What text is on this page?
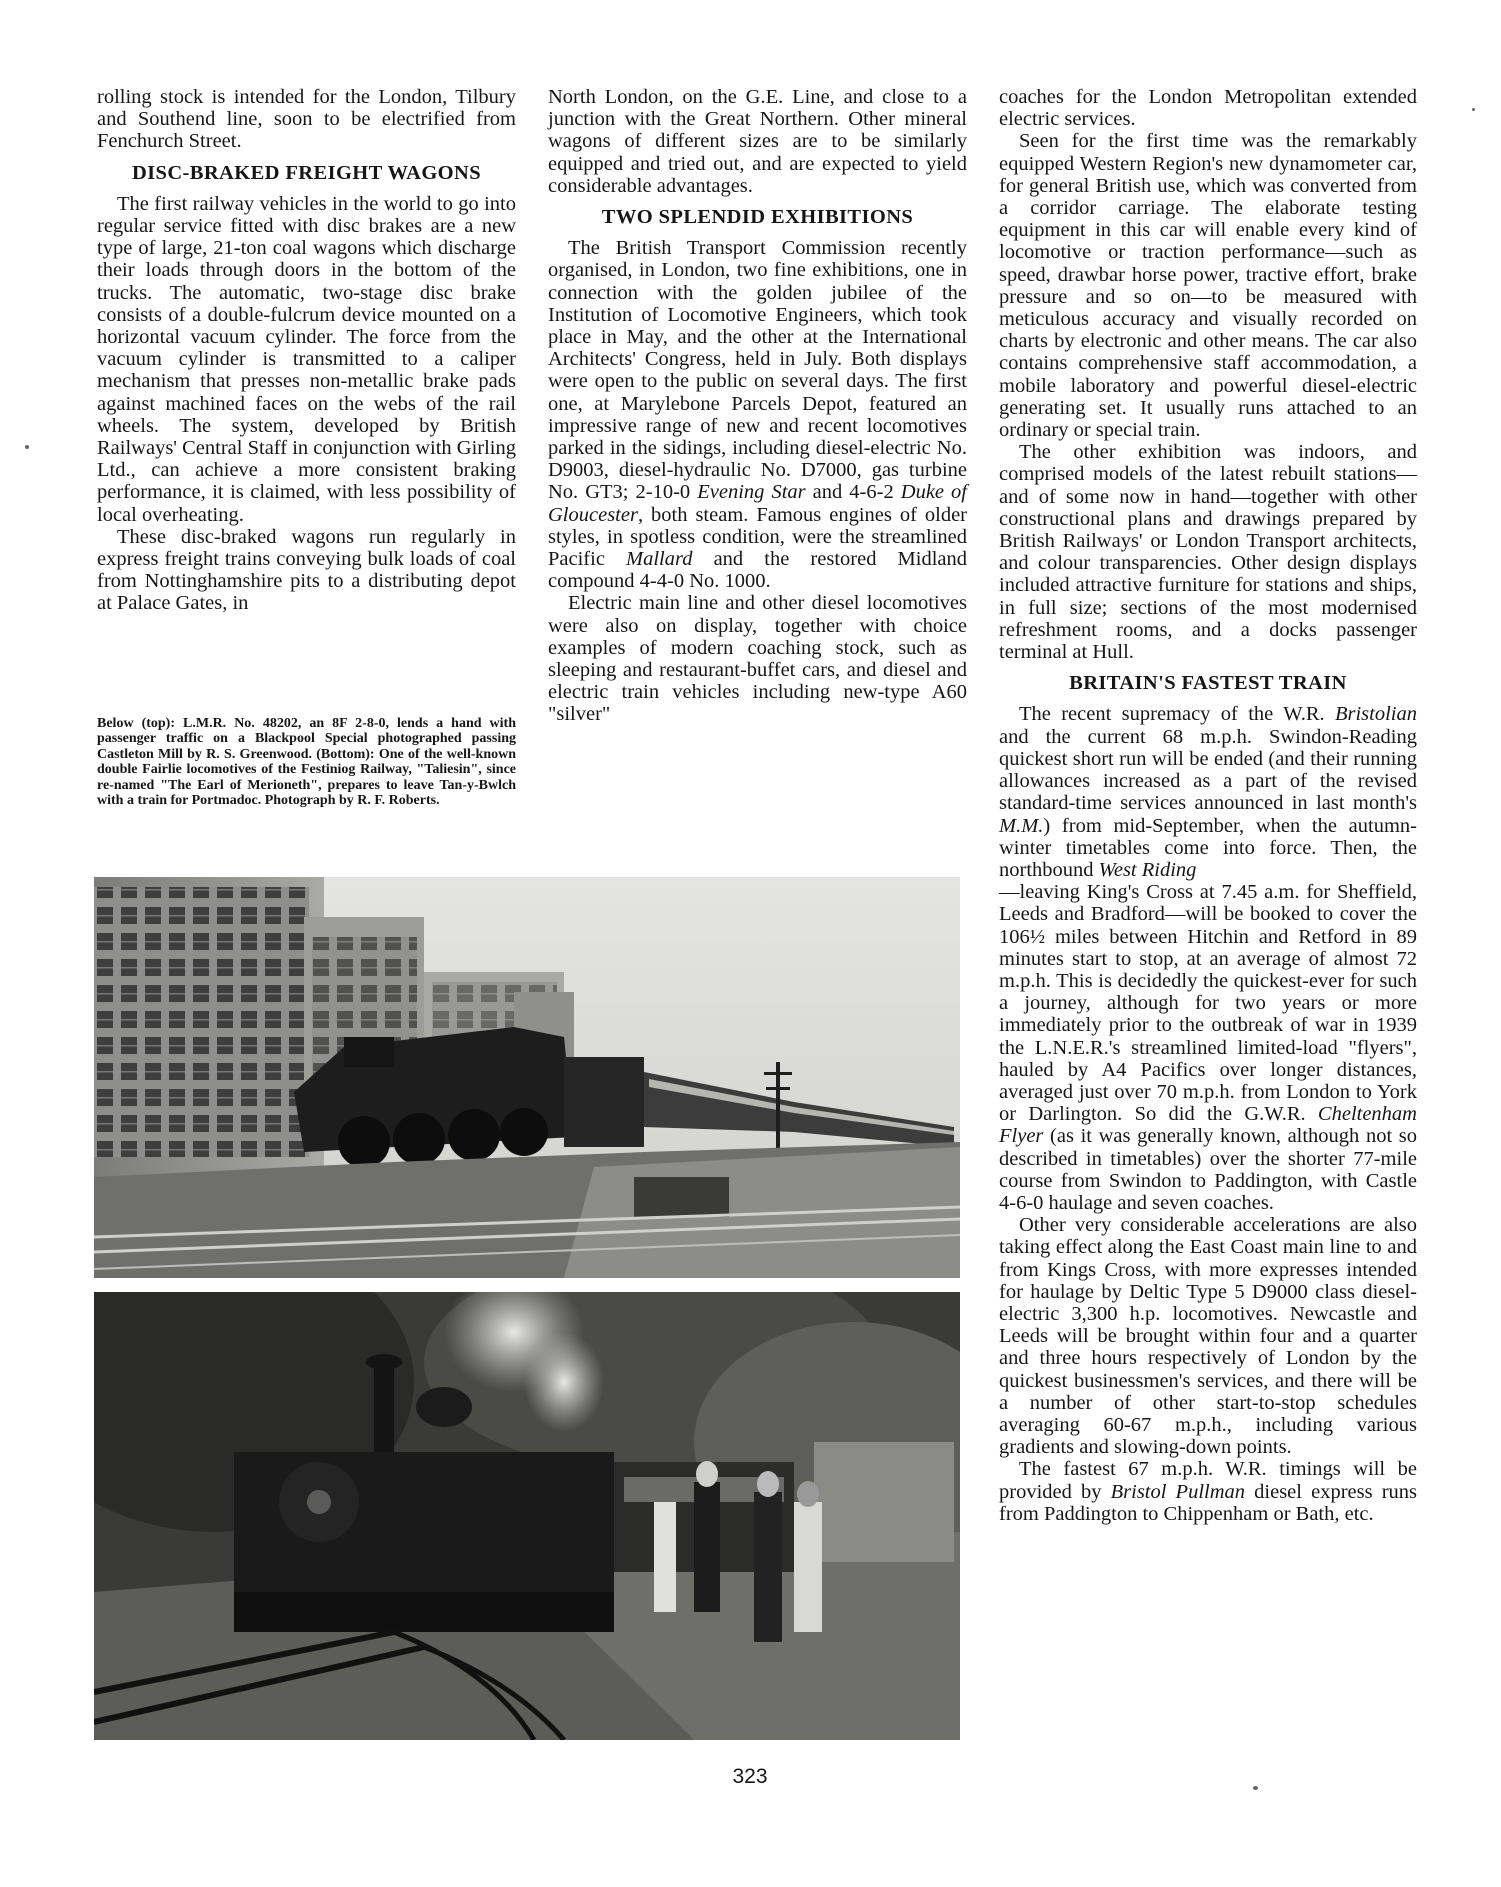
rolling stock is intended for the London, Tilbury and Southend line, soon to be electrified from Fenchurch Street.

DISC-BRAKED FREIGHT WAGONS

The first railway vehicles in the world to go into regular service fitted with disc brakes are a new type of large, 21-ton coal wagons which discharge their loads through doors in the bottom of the trucks. The automatic, two-stage disc brake consists of a double-fulcrum device mounted on a horizontal vacuum cylinder. The force from the vacuum cylinder is transmitted to a caliper mechanism that presses non-metallic brake pads against machined faces on the webs of the rail wheels. The system, developed by British Railways' Central Staff in conjunction with Girling Ltd., can achieve a more consistent braking performance, it is claimed, with less possibility of local overheating.

These disc-braked wagons run regularly in express freight trains conveying bulk loads of coal from Nottinghamshire pits to a distributing depot at Palace Gates, in

Below (top): L.M.R. No. 48202, an 8F 2-8-0, lends a hand with passenger traffic on a Blackpool Special photographed passing Castleton Mill by R. S. Greenwood. (Bottom): One of the well-known double Fairlie locomotives of the Festiniog Railway, "Taliesin", since re-named "The Earl of Merioneth", prepares to leave Tan-y-Bwlch with a train for Portmadoc. Photograph by R. F. Roberts.

North London, on the G.E. Line, and close to a junction with the Great Northern. Other mineral wagons of different sizes are to be similarly equipped and tried out, and are expected to yield considerable advantages.

TWO SPLENDID EXHIBITIONS

The British Transport Commission recently organised, in London, two fine exhibitions, one in connection with the golden jubilee of the Institution of Locomotive Engineers, which took place in May, and the other at the International Architects' Congress, held in July. Both displays were open to the public on several days. The first one, at Marylebone Parcels Depot, featured an impressive range of new and recent locomotives parked in the sidings, including diesel-electric No. D9003, diesel-hydraulic No. D7000, gas turbine No. GT3; 2-10-0 Evening Star and 4-6-2 Duke of Gloucester, both steam. Famous engines of older styles, in spotless condition, were the streamlined Pacific Mallard and the restored Midland compound 4-4-0 No. 1000.

Electric main line and other diesel locomotives were also on display, together with choice examples of modern coaching stock, such as sleeping and restaurant-buffet cars, and diesel and electric train vehicles including new-type A60 "silver"

coaches for the London Metropolitan extended electric services.

Seen for the first time was the remarkably equipped Western Region's new dynamometer car, for general British use, which was converted from a corridor carriage. The elaborate testing equipment in this car will enable every kind of locomotive or traction performance—such as speed, drawbar horse power, tractive effort, brake pressure and so on—to be measured with meticulous accuracy and visually recorded on charts by electronic and other means. The car also contains comprehensive staff accommodation, a mobile laboratory and powerful diesel-electric generating set. It usually runs attached to an ordinary or special train.

The other exhibition was indoors, and comprised models of the latest rebuilt stations—and of some now in hand—together with other constructional plans and drawings prepared by British Railways' or London Transport architects, and colour transparencies. Other design displays included attractive furniture for stations and ships, in full size; sections of the most modernised refreshment rooms, and a docks passenger terminal at Hull.

BRITAIN'S FASTEST TRAIN

The recent supremacy of the W.R. Bristolian and the current 68 m.p.h. Swindon-Reading quickest short run will be ended (and their running allowances increased as a part of the revised standard-time services announced in last month's M.M.) from mid-September, when the autumn-winter timetables come into force. Then, the northbound West Riding
—leaving King's Cross at 7.45 a.m. for Sheffield, Leeds and Bradford—will be booked to cover the 106½ miles between Hitchin and Retford in 89 minutes start to stop, at an average of almost 72 m.p.h. This is decidedly the quickest-ever for such a journey, although for two years or more immediately prior to the outbreak of war in 1939 the L.N.E.R.'s streamlined limited-load "flyers", hauled by A4 Pacifics over longer distances, averaged just over 70 m.p.h. from London to York or Darlington. So did the G.W.R. Cheltenham Flyer (as it was generally known, although not so described in timetables) over the shorter 77-mile course from Swindon to Paddington, with Castle 4-6-0 haulage and seven coaches.

Other very considerable accelerations are also taking effect along the East Coast main line to and from Kings Cross, with more expresses intended for haulage by Deltic Type 5 D9000 class diesel-electric 3,300 h.p. locomotives. Newcastle and Leeds will be brought within four and a quarter and three hours respectively of London by the quickest businessmen's services, and there will be a number of other start-to-stop schedules averaging 60-67 m.p.h., including various gradients and slowing-down points.

The fastest 67 m.p.h. W.R. timings will be provided by Bristol Pullman diesel express runs from Paddington to Chippenham or Bath, etc.

323
